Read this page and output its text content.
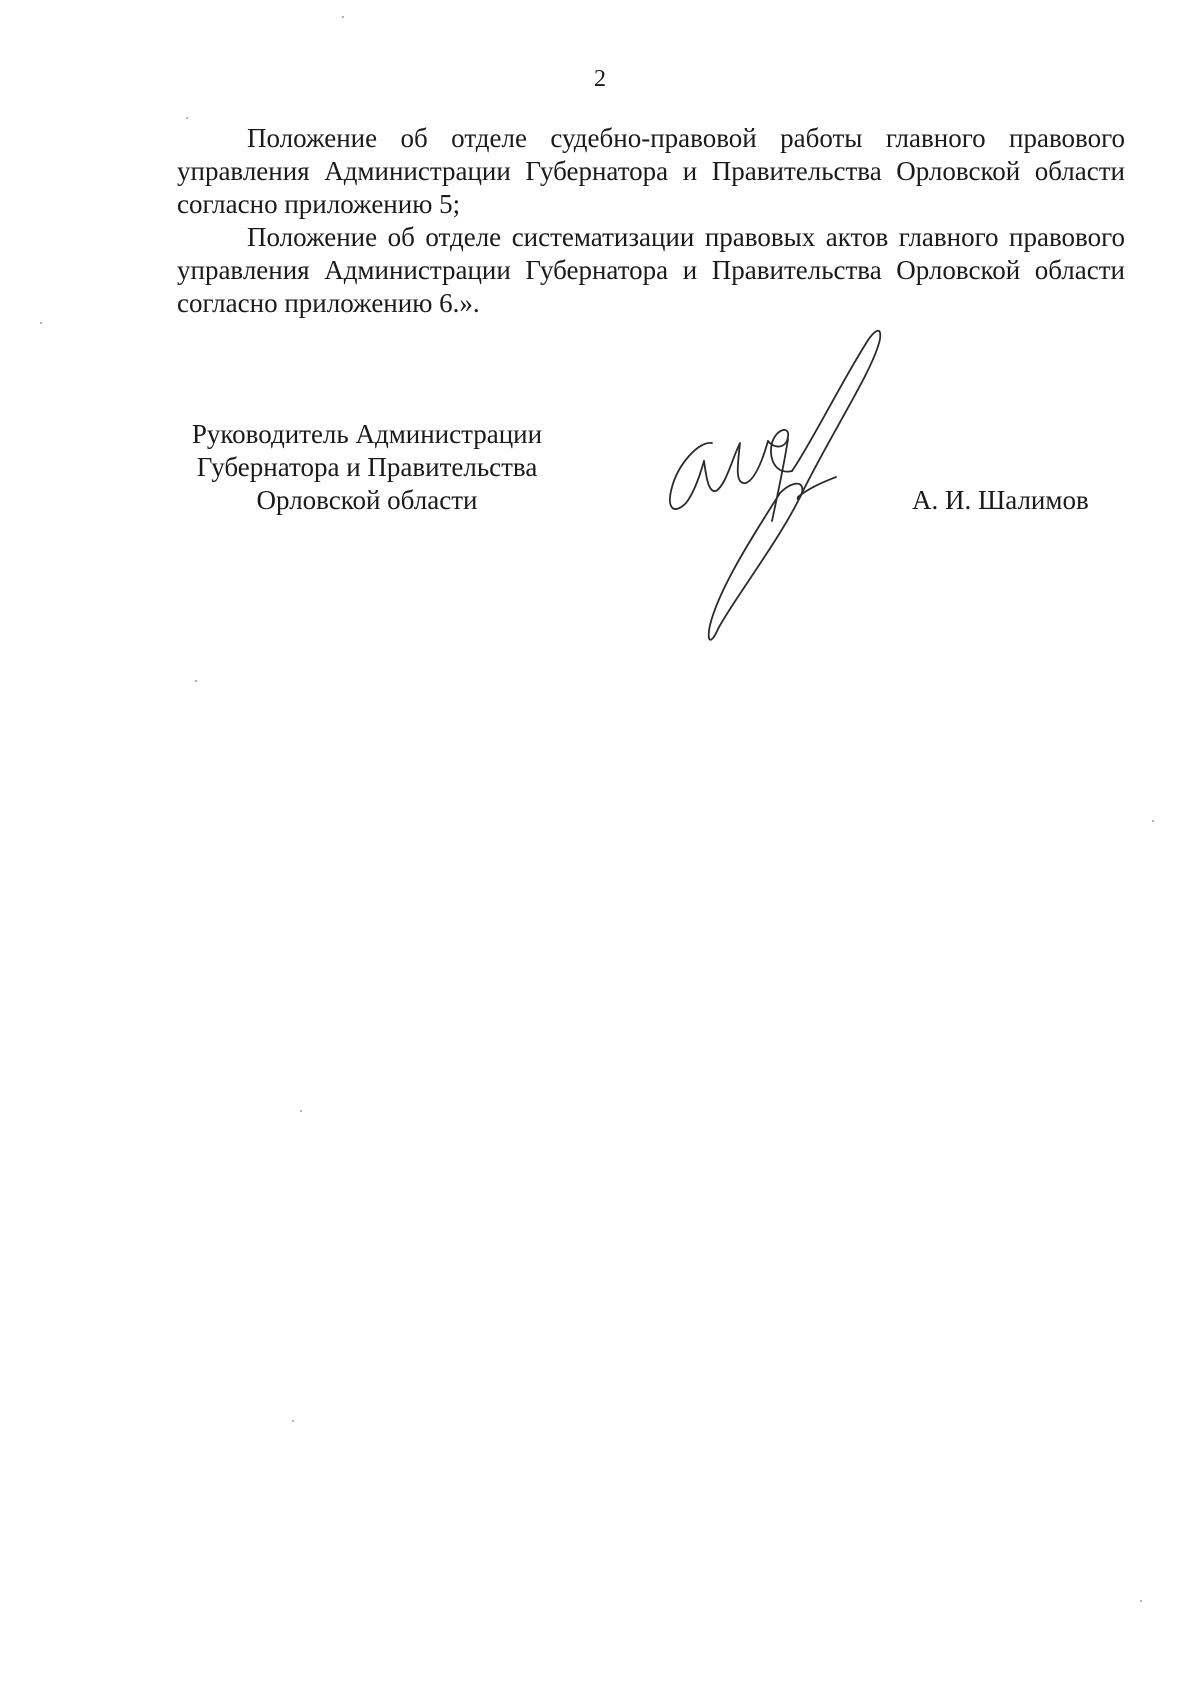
2

Положение об отделе судебно-правовой работы главного правового управления Администрации Губернатора и Правительства Орловской области согласно приложению 5;

Положение об отделе систематизации правовых актов главного правового управления Администрации Губернатора и Правительства Орловской области согласно приложению 6.».

Руководитель Администрации
Губернатора и Правительства
Орловской области	А. И. Шалимов
